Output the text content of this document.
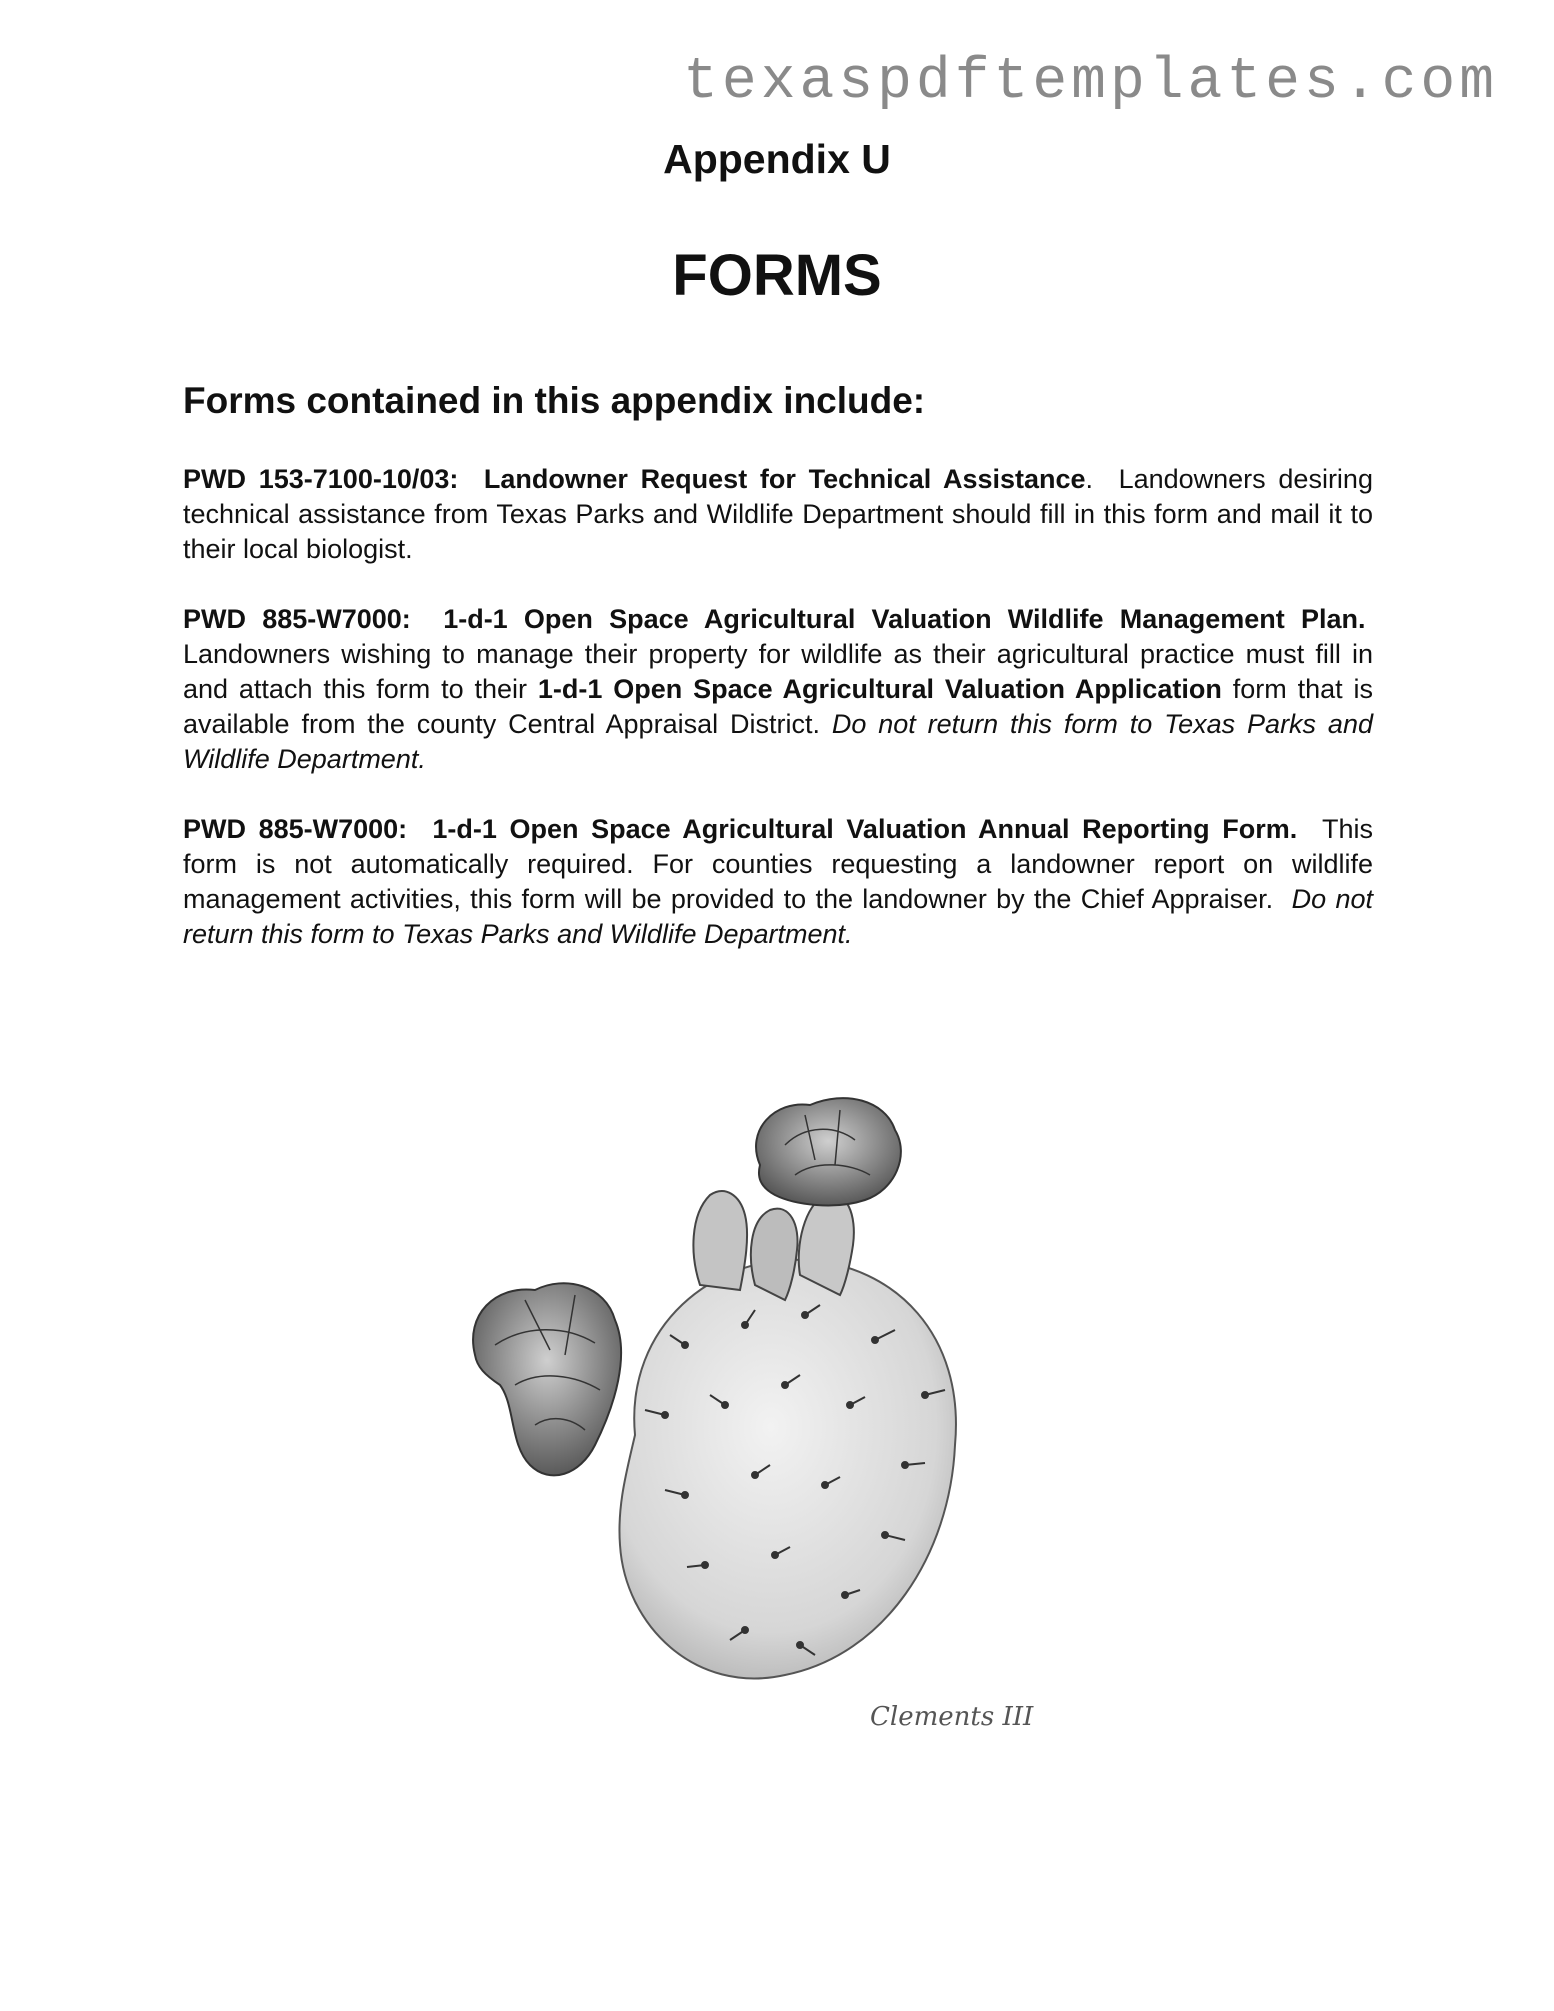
texaspdftemplates.com
Appendix U
FORMS
Forms contained in this appendix include:

PWD 153-7100-10/03: Landowner Request for Technical Assistance. Landowners desiring technical assistance from Texas Parks and Wildlife Department should fill in this form and mail it to their local biologist.

PWD 885-W7000: 1-d-1 Open Space Agricultural Valuation Wildlife Management Plan.  Landowners wishing to manage their property for wildlife as their agricultural practice must fill in and attach this form to their 1-d-1 Open Space Agricultural Valuation Application form that is available from the county Central Appraisal District. Do not return this form to Texas Parks and Wildlife Department.

PWD 885-W7000: 1-d-1 Open Space Agricultural Valuation Annual Reporting Form. This form is not automatically required. For counties requesting a landowner report on wildlife management activities, this form will be provided to the landowner by the Chief Appraiser. Do not return this form to Texas Parks and Wildlife Department.

Clements III
